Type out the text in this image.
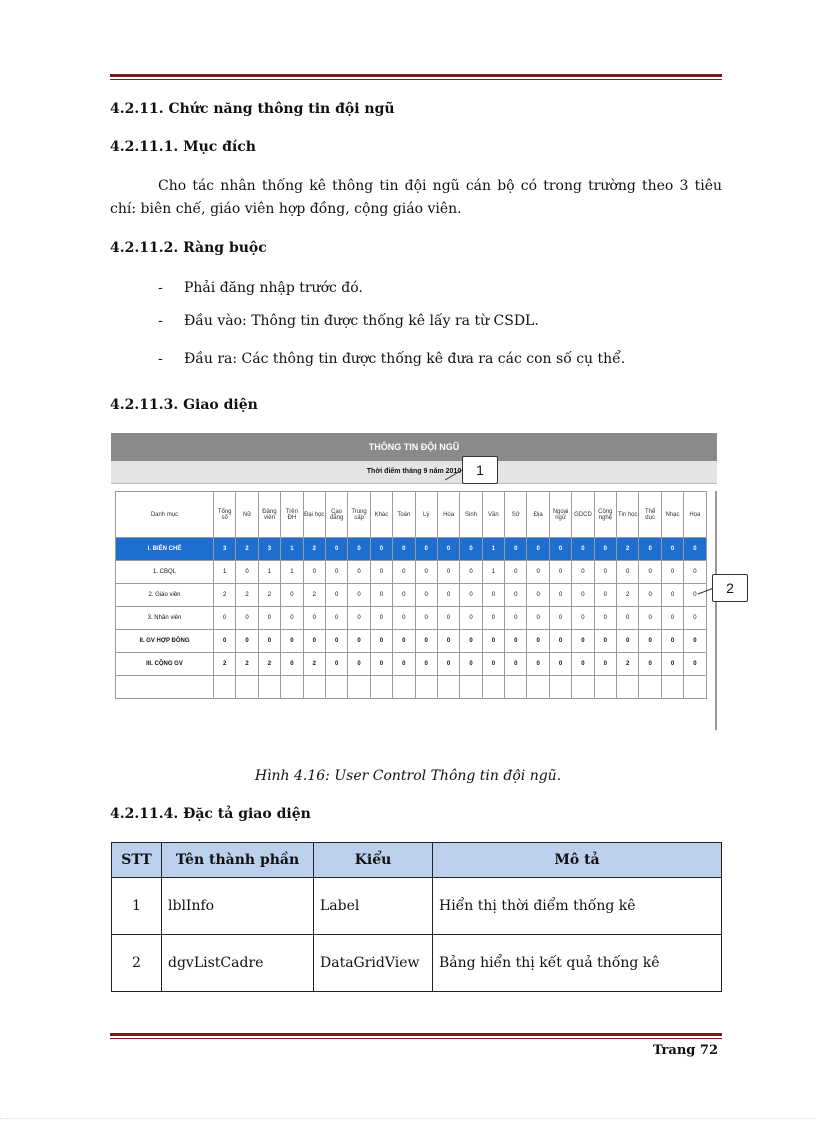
4.2.11. Chức năng thông tin đội ngũ
4.2.11.1. Mục đích
Cho tác nhân thống kê thông tin đội ngũ cán bộ có trong trường theo 3 tiêu
chí: biên chế, giáo viên hợp đồng, cộng giáo viên.
4.2.11.2. Ràng buộc
- Phải đăng nhập trước đó.
- Đầu vào: Thông tin được thống kê lấy ra từ CSDL.
- Đầu ra: Các thông tin được thống kê đưa ra các con số cụ thể.
4.2.11.3. Giao diện
THÔNG TIN ĐỘI NGŨ
Thời điểm tháng 9 năm 2010
Danh mục	Tổng số	Nữ	Đảng viên	Trên ĐH	Đại học	Cao đẳng	Trung cấp	Khác	Toán	Lý	Hóa	Sinh	Văn	Sử	Địa	Ngoại ngữ	GDCD	Công nghệ	Tin học	Thể dục	Nhạc	Họa
I. BIÊN CHẾ	3	2	3	1	2	0	0	0	0	0	0	0	1	0	0	0	0	0	2	0	0	0
1. CBQL	1	0	1	1	0	0	0	0	0	0	0	0	1	0	0	0	0	0	0	0	0	0
2. Giáo viên	2	2	2	0	2	0	0	0	0	0	0	0	0	0	0	0	0	0	2	0	0	0
3. Nhân viên	0	0	0	0	0	0	0	0	0	0	0	0	0	0	0	0	0	0	0	0	0	0
II. GV HỢP ĐỒNG	0	0	0	0	0	0	0	0	0	0	0	0	0	0	0	0	0	0	0	0	0	0
III. CỘNG GV	2	2	2	0	2	0	0	0	0	0	0	0	0	0	0	0	0	0	2	0	0	0

1
2
Hình 4.16: User Control Thông tin đội ngũ.
4.2.11.4. Đặc tả giao diện
STT	Tên thành phần	Kiểu	Mô tả
1	lblInfo	Label	Hiển thị thời điểm thống kê
2	dgvListCadre	DataGridView	Bảng hiển thị kết quả thống kê
Trang 72
